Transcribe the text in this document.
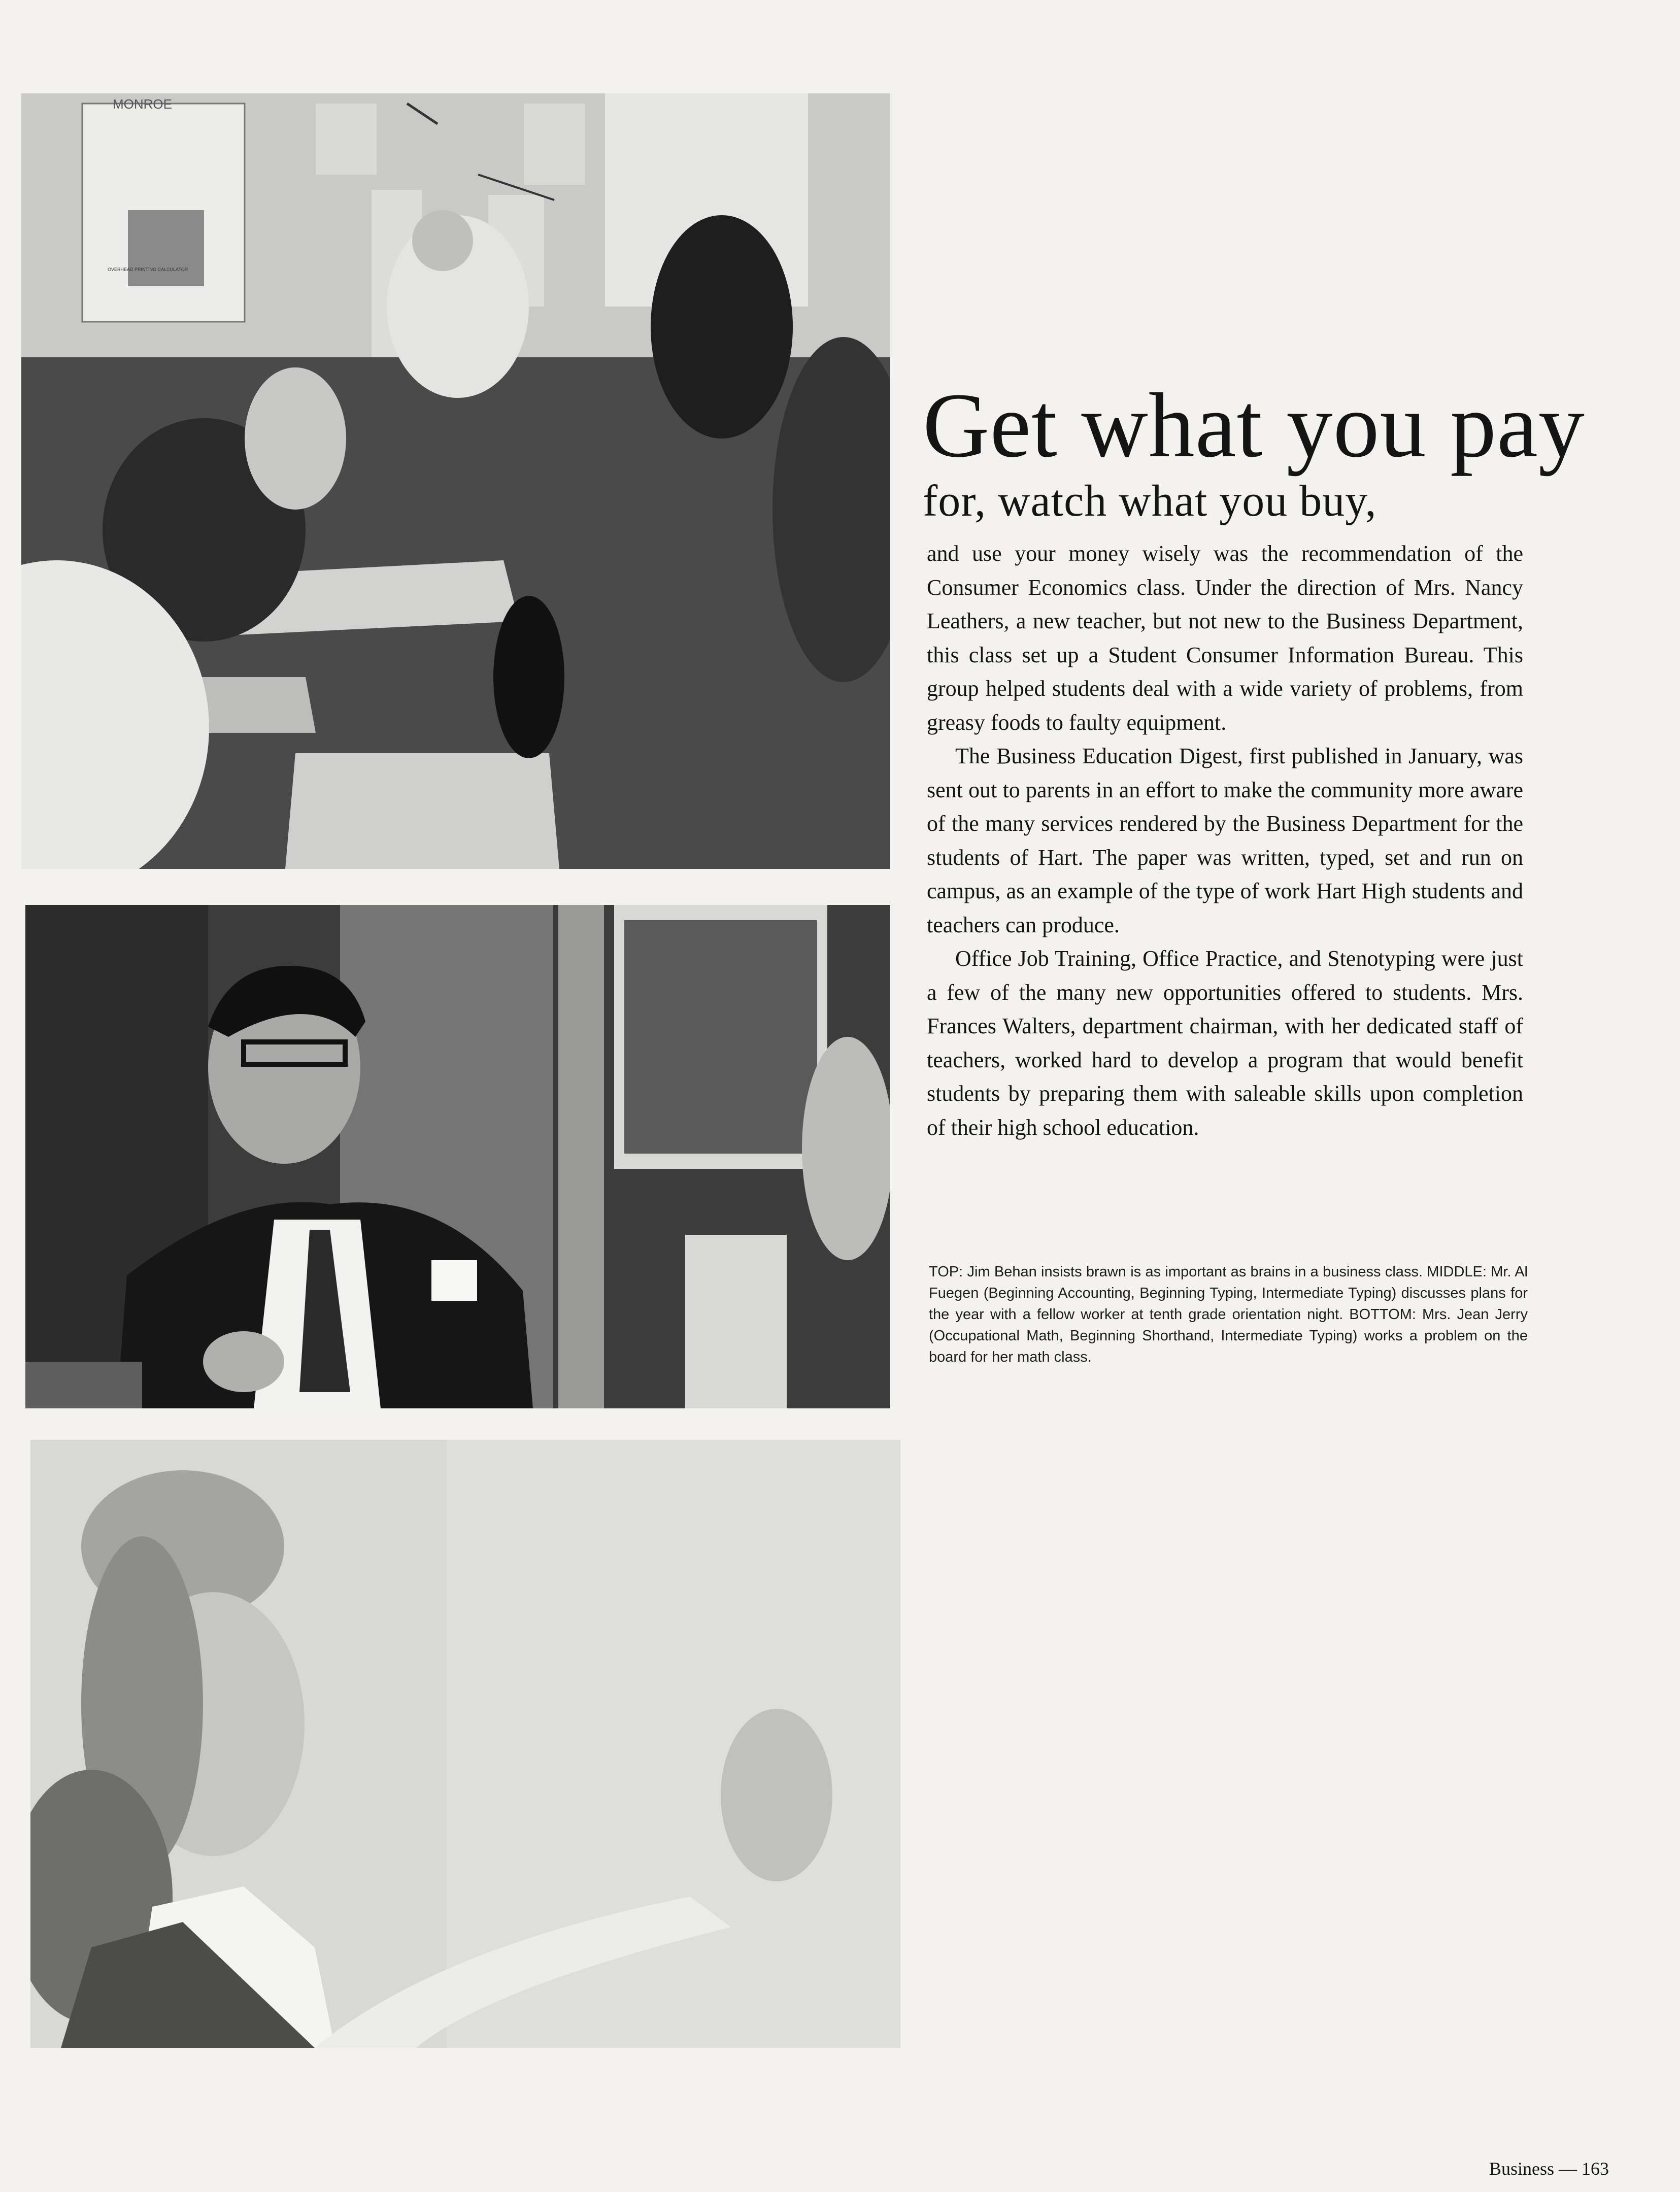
MONROE
OVERHEAD PRINTING CALCULATOR
Get what you pay
for, watch what you buy,

and use your money wisely was the recommendation of the Consumer Economics class. Under the direction of Mrs. Nancy Leathers, a new teacher, but not new to the Business Department, this class set up a Student Consumer Information Bureau. This group helped students deal with a wide variety of problems, from greasy foods to faulty equipment.

The Business Education Digest, first published in January, was sent out to parents in an effort to make the community more aware of the many services rendered by the Business Department for the students of Hart. The paper was written, typed, set and run on campus, as an example of the type of work Hart High students and teachers can produce.

Office Job Training, Office Practice, and Stenotyping were just a few of the many new opportunities offered to students. Mrs. Frances Walters, department chairman, with her dedicated staff of teachers, worked hard to develop a program that would benefit students by preparing them with saleable skills upon completion of their high school education.

TOP: Jim Behan insists brawn is as important as brains in a business class. MIDDLE: Mr. Al Fuegen (Beginning Accounting, Beginning Typing, Intermediate Typing) discusses plans for the year with a fellow worker at tenth grade orientation night. BOTTOM: Mrs. Jean Jerry (Occupational Math, Beginning Shorthand, Intermediate Typing) works a problem on the board for her math class.
Business — 163
